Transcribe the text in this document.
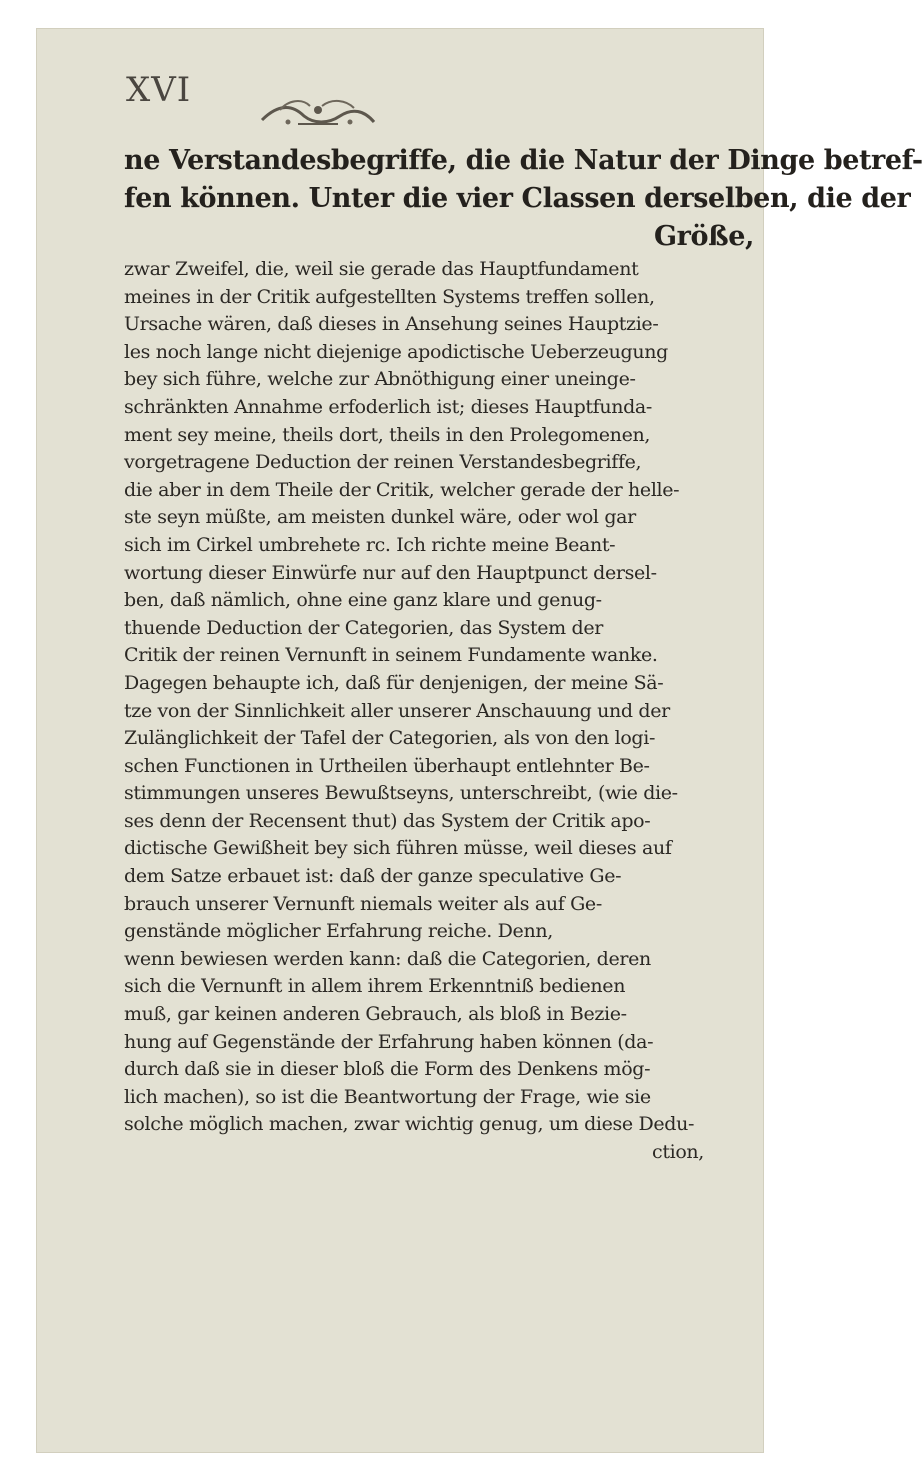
XVI
ne Verstandesbegriffe, die die Natur der Dinge betref-
fen können. Unter die vier Classen derselben, die der
Größe,
zwar Zweifel, die, weil sie gerade das Hauptfundament
meines in der Critik aufgestellten Systems treffen sollen,
Ursache wären, daß dieses in Ansehung seines Hauptzie-
les noch lange nicht diejenige apodictische Ueberzeugung
bey sich führe, welche zur Abnöthigung einer uneinge-
schränkten Annahme erfoderlich ist; dieses Hauptfunda-
ment sey meine, theils dort, theils in den Prolegomenen,
vorgetragene Deduction der reinen Verstandesbegriffe,
die aber in dem Theile der Critik, welcher gerade der helle-
ste seyn müßte, am meisten dunkel wäre, oder wol gar
sich im Cirkel umbrehete rc. Ich richte meine Beant-
wortung dieser Einwürfe nur auf den Hauptpunct dersel-
ben, daß nämlich, ohne eine ganz klare und genug-
thuende Deduction der Categorien, das System der
Critik der reinen Vernunft in seinem Fundamente wanke.
Dagegen behaupte ich, daß für denjenigen, der meine Sä-
tze von der Sinnlichkeit aller unserer Anschauung und der
Zulänglichkeit der Tafel der Categorien, als von den logi-
schen Functionen in Urtheilen überhaupt entlehnter Be-
stimmungen unseres Bewußtseyns, unterschreibt, (wie die-
ses denn der Recensent thut) das System der Critik apo-
dictische Gewißheit bey sich führen müsse, weil dieses auf
dem Satze erbauet ist: daß der ganze speculative Ge-
brauch unserer Vernunft niemals weiter als auf Ge-
genstände möglicher Erfahrung reiche. Denn,
wenn bewiesen werden kann: daß die Categorien, deren
sich die Vernunft in allem ihrem Erkenntniß bedienen
muß, gar keinen anderen Gebrauch, als bloß in Bezie-
hung auf Gegenstände der Erfahrung haben können (da-
durch daß sie in dieser bloß die Form des Denkens mög-
lich machen), so ist die Beantwortung der Frage, wie sie
solche möglich machen, zwar wichtig genug, um diese Dedu-
ction,
